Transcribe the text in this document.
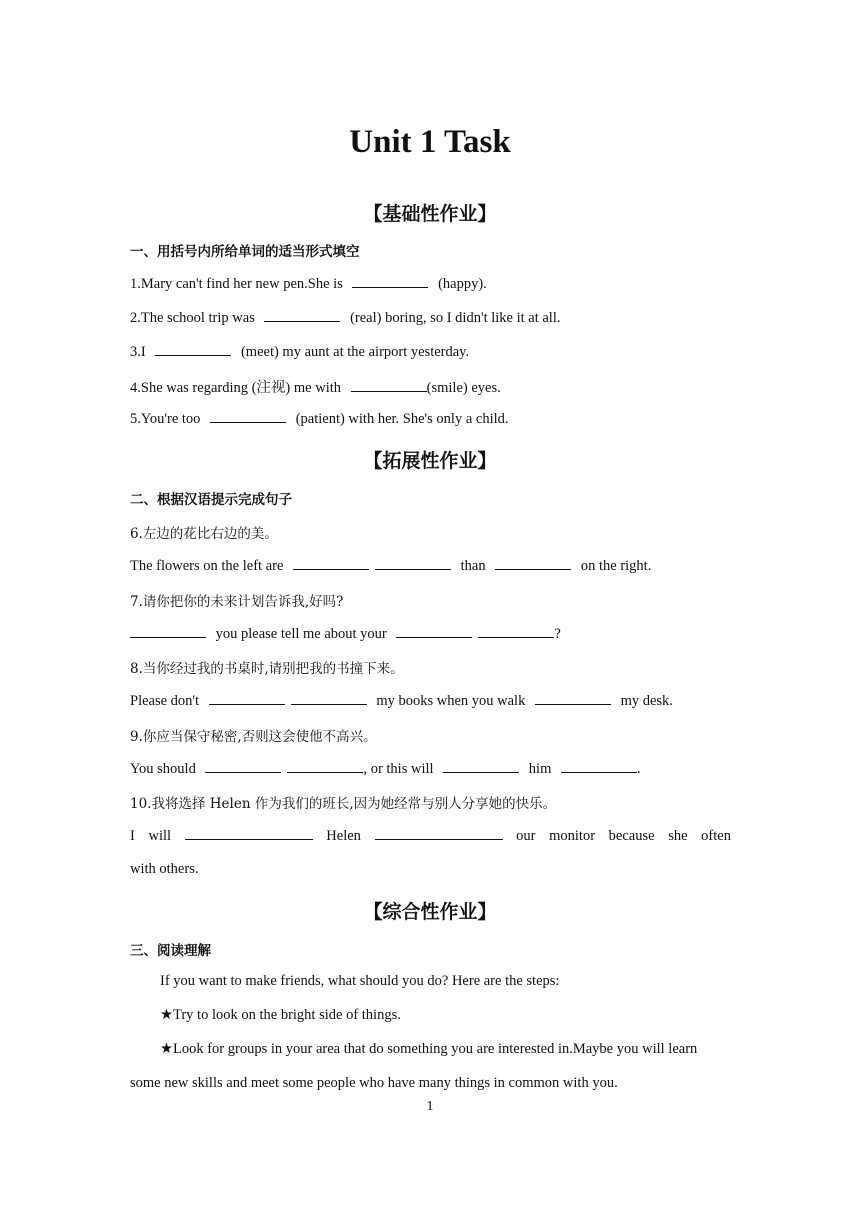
Unit 1 Task
【基础性作业】
一、用括号内所给单词的适当形式填空
1.Mary can't find her new pen.She is	(happy).
2.The school trip was	(real) boring, so I didn't like it at all.
3.I	(meet) my aunt at the airport yesterday.
4.She was regarding (注视) me with	(smile) eyes.
5.You're too	(patient) with her. She's only a child.
【拓展性作业】
二、根据汉语提示完成句子
6.左边的花比右边的美。
The flowers on the left are	than	on the right.
7.请你把你的未来计划告诉我,好吗?
you please tell me about your	?
8.当你经过我的书桌时,请别把我的书撞下来。
Please don't	my books when you walk	my desk.
9.你应当保守秘密,否则这会使他不高兴。
You should	, or this will	him	.
10.我将选择 Helen 作为我们的班长,因为她经常与别人分享她的快乐。
I will	Helen	our monitor because she often
with others.
【综合性作业】
三、阅读理解
If you want to make friends, what should you do? Here are the steps:
★Try to look on the bright side of things.
★Look for groups in your area that do something you are interested in.Maybe you will learn
some new skills and meet some people who have many things in common with you.
1
